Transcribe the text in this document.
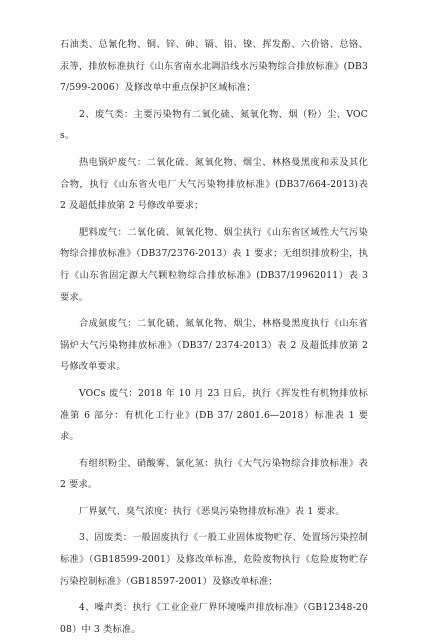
石油类、总氰化物、铜、锌、砷、镉、铅、镍、挥发酚、六价铬、总铬、汞等，排放标准执行《山东省南水北调沿线水污染物综合排放标准》(DB37/599-2006）及修改单中重点保护区域标准；

2、废气类：主要污染物有二氧化硫、氮氧化物、烟（粉）尘、VOCs。

热电锅炉废气：二氧化硫、氮氧化物、烟尘、林格曼黑度和汞及其化合物，执行《山东省火电厂大气污染物排放标准》(DB37/664-2013)表 2 及超低排放第 2 号修改单要求；

肥料废气：二氧化硫、氮氧化物、烟尘执行《山东省区域性大气污染物综合排放标准》（DB37/2376-2013）表 1 要求；无组织排放粉尘，执行《山东省固定源大气颗粒物综合排放标准》(DB37/19962011）表 3 要求。

合成氨废气：二氧化硫、氮氧化物、烟尘、林格曼黑度执行《山东省锅炉大气污染物排放标准》（DB37/ 2374-2013）表 2 及超低排放第 2 号修改单要求。

VOCs 废气：2018 年 10 月 23 日后，执行《挥发性有机物排放标准第 6 部分：有机化工行业》(DB 37/ 2801.6—2018）标准表 1 要求。

有组织粉尘、硝酸雾、氯化氢：执行《大气污染物综合排放标准》表 2 要求。

厂界氨气、臭气浓度：执行《恶臭污染物排放标准》表 1 要求。

3、固废类：一般固废执行《一般工业固体废物贮存、处置场污染控制标准》（GB18599-2001）及修改单标准，危险废物执行《危险废物贮存污染控制标准》（GB18597-2001）及修改单标准；

4、噪声类：执行《工业企业厂界环境噪声排放标准》（GB12348-2008）中 3 类标准。
